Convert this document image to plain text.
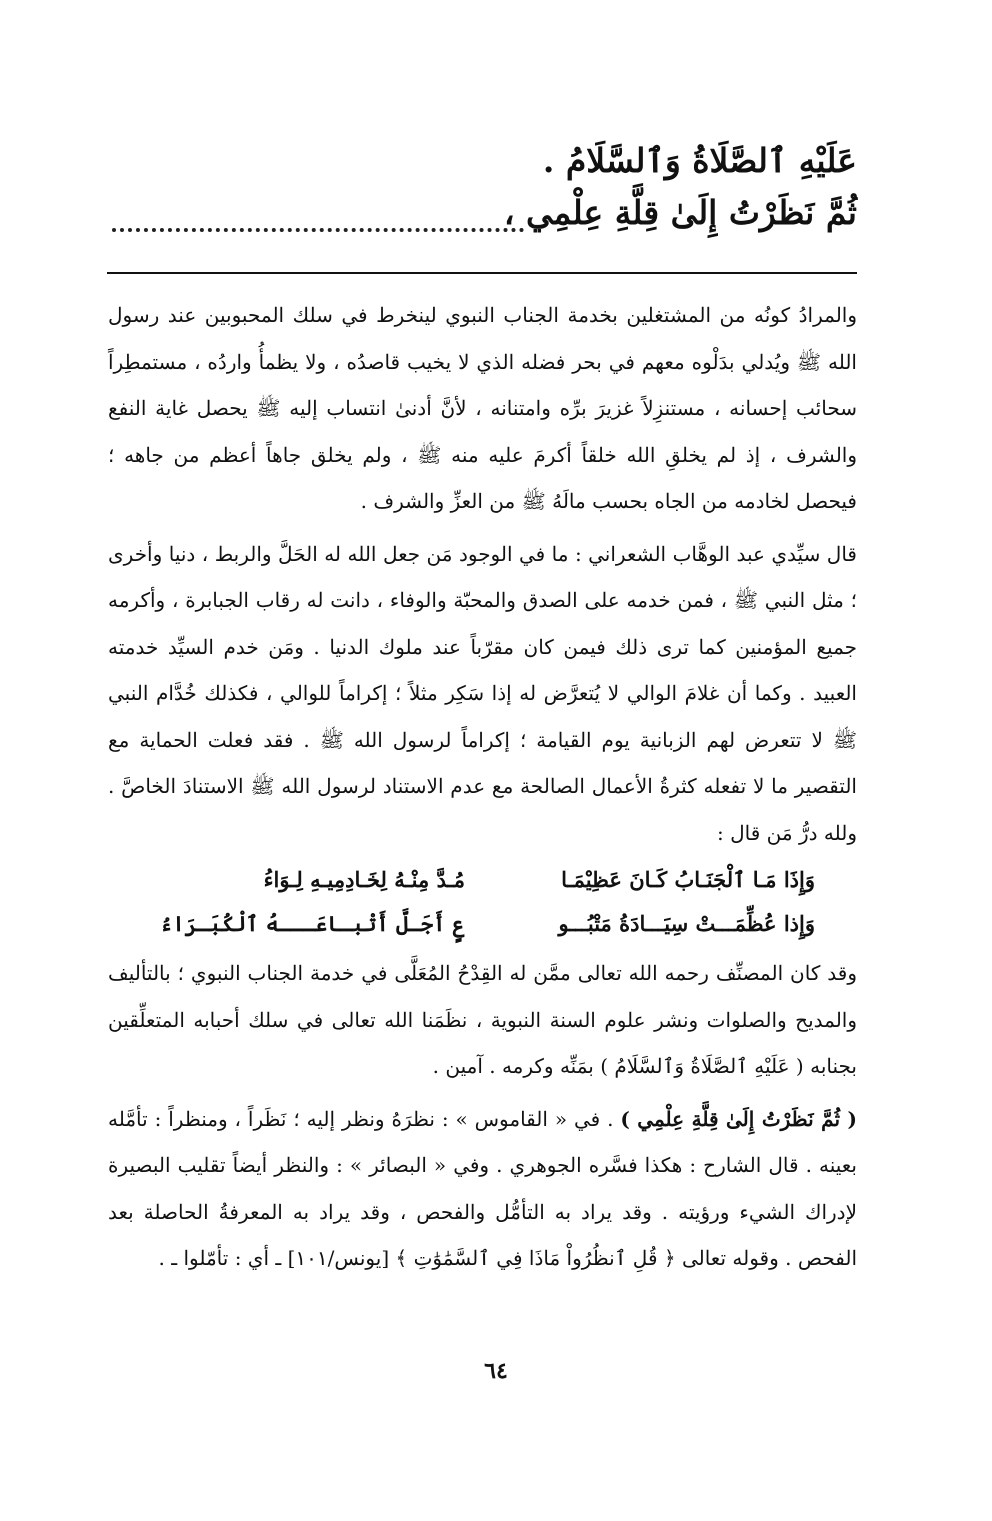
عَلَيْهِ ٱلصَّلَاةُ وَٱلسَّلَامُ .
ثُمَّ نَظَرْتُ إِلَىٰ قِلَّةِ عِلْمِي ،

والمرادُ كونُه من المشتغلين بخدمة الجناب النبوي لينخرط في سلك المحبوبين عند رسول الله ﷺ ويُدلي بدَلْوه معهم في بحر فضله الذي لا يخيب قاصدُه ، ولا يظمأُ واردُه ، مستمطِراً سحائب إحسانه ، مستنزِلاً غزيرَ برِّه وامتنانه ، لأنَّ أدنىٰ انتساب إليه ﷺ يحصل غاية النفع والشرف ، إذ لم يخلقِ الله خلقاً أكرمَ عليه منه ﷺ ، ولم يخلق جاهاً أعظم من جاهه ؛ فيحصل لخادمه من الجاه بحسب مالَهُ ﷺ من العزِّ والشرف .

قال سيِّدي عبد الوهَّاب الشعراني : ما في الوجود مَن جعل الله له الحَلَّ والربط ، دنيا وأخرى ؛ مثل النبي ﷺ ، فمن خدمه على الصدق والمحبّة والوفاء ، دانت له رقاب الجبابرة ، وأكرمه جميع المؤمنين كما ترى ذلك فيمن كان مقرّباً عند ملوك الدنيا . ومَن خدم السيِّد خدمته العبيد . وكما أن غلامَ الوالي لا يُتعرَّض له إذا سَكِر مثلاً ؛ إكراماً للوالي ، فكذلك خُدَّام النبي ﷺ لا تتعرض لهم الزبانية يوم القيامة ؛ إكراماً لرسول الله ﷺ . فقد فعلت الحماية مع التقصير ما لا تفعله كثرةُ الأعمال الصالحة مع عدم الاستناد لرسول الله ﷺ الاستنادَ الخاصَّ . ولله درُّ مَن قال :

وَإِذَا مَـا ٱلْجَنَـابُ كَـانَ عَظِيْمَـا
مُـدَّ مِنْـهُ لِخَـادِمِيـهِ لِـوَاءُ
وَإِذا عُظِّمَـــتْ سِيَـــادَةُ مَتْبُـــو
عٍ أَجَـلَّ أَتْبـاعَـــهُ ٱلْكُبَـرَاءُ

وقد كان المصنِّف رحمه الله تعالى ممَّن له القِدْحُ المُعَلَّى في خدمة الجناب النبوي ؛ بالتأليف والمديح والصلوات ونشر علوم السنة النبوية ، نظَمَنا الله تعالى في سلك أحبابه المتعلِّقين بجنابه ( عَلَيْهِ ٱلصَّلَاةُ وَٱلسَّلَامُ ) بمَنِّه وكرمه . آمين .

( ثُمَّ نَظَرْتُ إِلَىٰ قِلَّةِ عِلْمِي ) . في « القاموس » : نظرَهُ ونظر إليه ؛ نَظَراً ، ومنظراً : تأمَّله بعينه . قال الشارح : هكذا فسَّره الجوهري . وفي « البصائر » : والنظر أيضاً تقليب البصيرة لإدراك الشيء ورؤيته . وقد يراد به التأمُّل والفحص ، وقد يراد به المعرفةُ الحاصلة بعد الفحص . وقوله تعالى ﴿ قُلِ ٱنظُرُواْ مَاذَا فِي ٱلسَّمَٰوَٰتِ ﴾ [يونس/١٠١] ـ أي : تأمّلوا ـ .

٦٤
